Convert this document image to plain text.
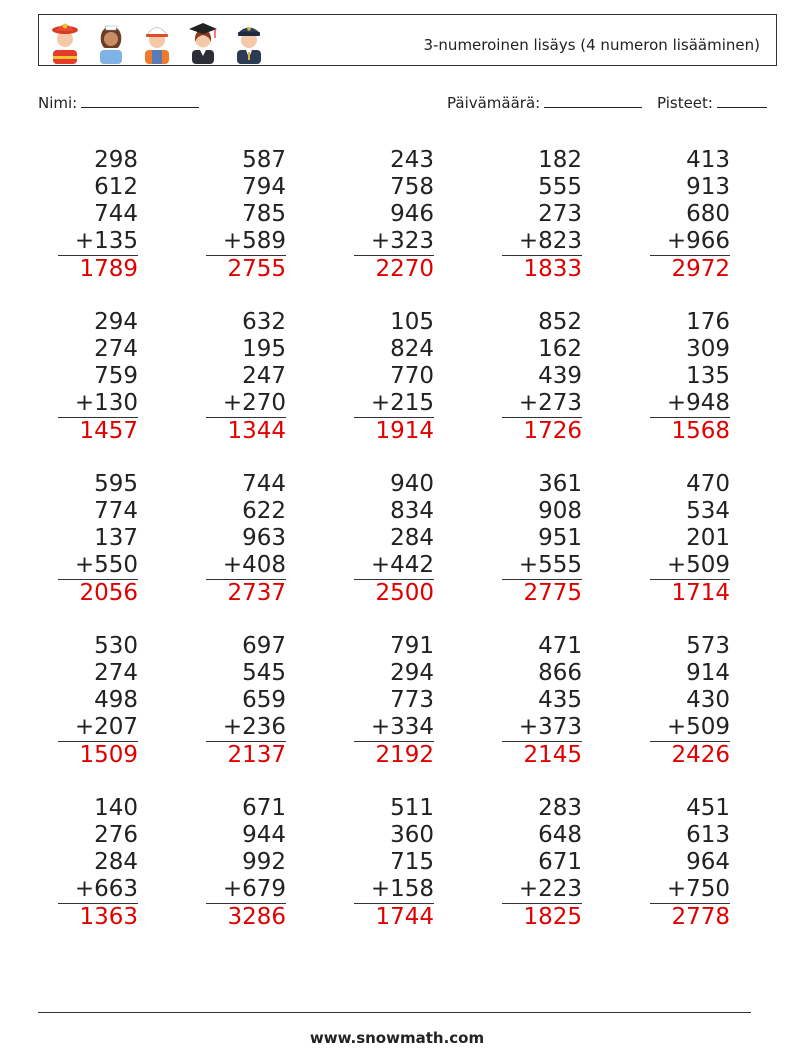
3-numeroinen lisäys (4 numeron lisääminen)
Nimi:	Päivämäärä:	Pisteet:
298
612
744
+135
1789
587
794
785
+589
2755
243
758
946
+323
2270
182
555
273
+823
1833
413
913
680
+966
2972
294
274
759
+130
1457
632
195
247
+270
1344
105
824
770
+215
1914
852
162
439
+273
1726
176
309
135
+948
1568
595
774
137
+550
2056
744
622
963
+408
2737
940
834
284
+442
2500
361
908
951
+555
2775
470
534
201
+509
1714
530
274
498
+207
1509
697
545
659
+236
2137
791
294
773
+334
2192
471
866
435
+373
2145
573
914
430
+509
2426
140
276
284
+663
1363
671
944
992
+679
3286
511
360
715
+158
1744
283
648
671
+223
1825
451
613
964
+750
2778
www.snowmath.com
